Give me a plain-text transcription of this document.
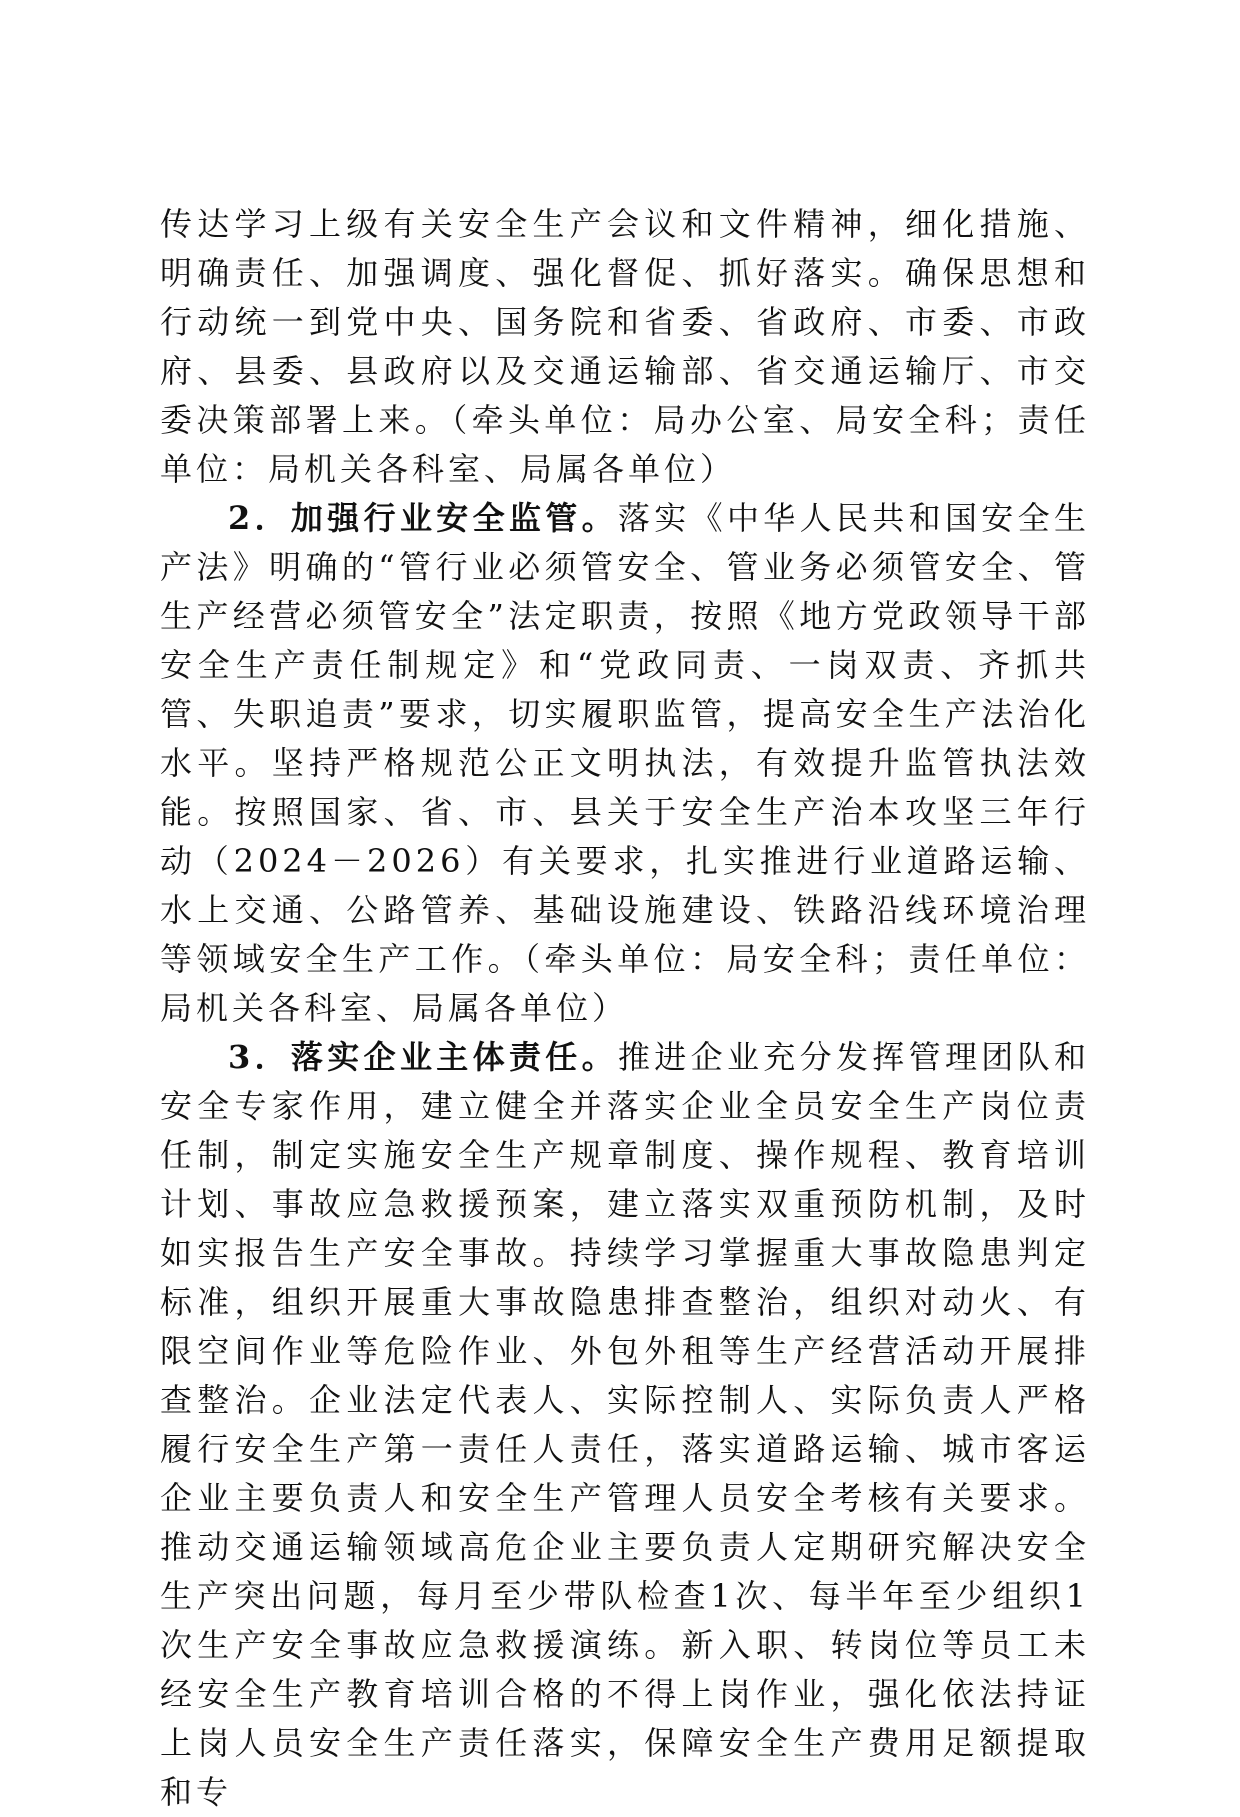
传达学习上级有关安全生产会议和文件精神，细化措施、明确责任、加强调度、强化督促、抓好落实。确保思想和行动统一到党中央、国务院和省委、省政府、市委、市政府、县委、县政府以及交通运输部、省交通运输厅、市交委决策部署上来。（牵头单位：局办公室、局安全科；责任单位：局机关各科室、局属各单位）

2．加强行业安全监管。落实《中华人民共和国安全生产法》明确的“管行业必须管安全、管业务必须管安全、管生产经营必须管安全”法定职责，按照《地方党政领导干部安全生产责任制规定》和“党政同责、一岗双责、齐抓共管、失职追责”要求，切实履职监管，提高安全生产法治化水平。坚持严格规范公正文明执法，有效提升监管执法效能。按照国家、省、市、县关于安全生产治本攻坚三年行动（2024－2026）有关要求，扎实推进行业道路运输、水上交通、公路管养、基础设施建设、铁路沿线环境治理等领域安全生产工作。（牵头单位：局安全科；责任单位：局机关各科室、局属各单位）

3．落实企业主体责任。推进企业充分发挥管理团队和安全专家作用，建立健全并落实企业全员安全生产岗位责任制，制定实施安全生产规章制度、操作规程、教育培训计划、事故应急救援预案，建立落实双重预防机制，及时如实报告生产安全事故。持续学习掌握重大事故隐患判定标准，组织开展重大事故隐患排查整治，组织对动火、有限空间作业等危险作业、外包外租等生产经营活动开展排查整治。企业法定代表人、实际控制人、实际负责人严格履行安全生产第一责任人责任，落实道路运输、城市客运企业主要负责人和安全生产管理人员安全考核有关要求。推动交通运输领域高危企业主要负责人定期研究解决安全生产突出问题，每月至少带队检查1次、每半年至少组织1次生产安全事故应急救援演练。新入职、转岗位等员工未经安全生产教育培训合格的不得上岗作业，强化依法持证上岗人员安全生产责任落实，保障安全生产费用足额提取和专
